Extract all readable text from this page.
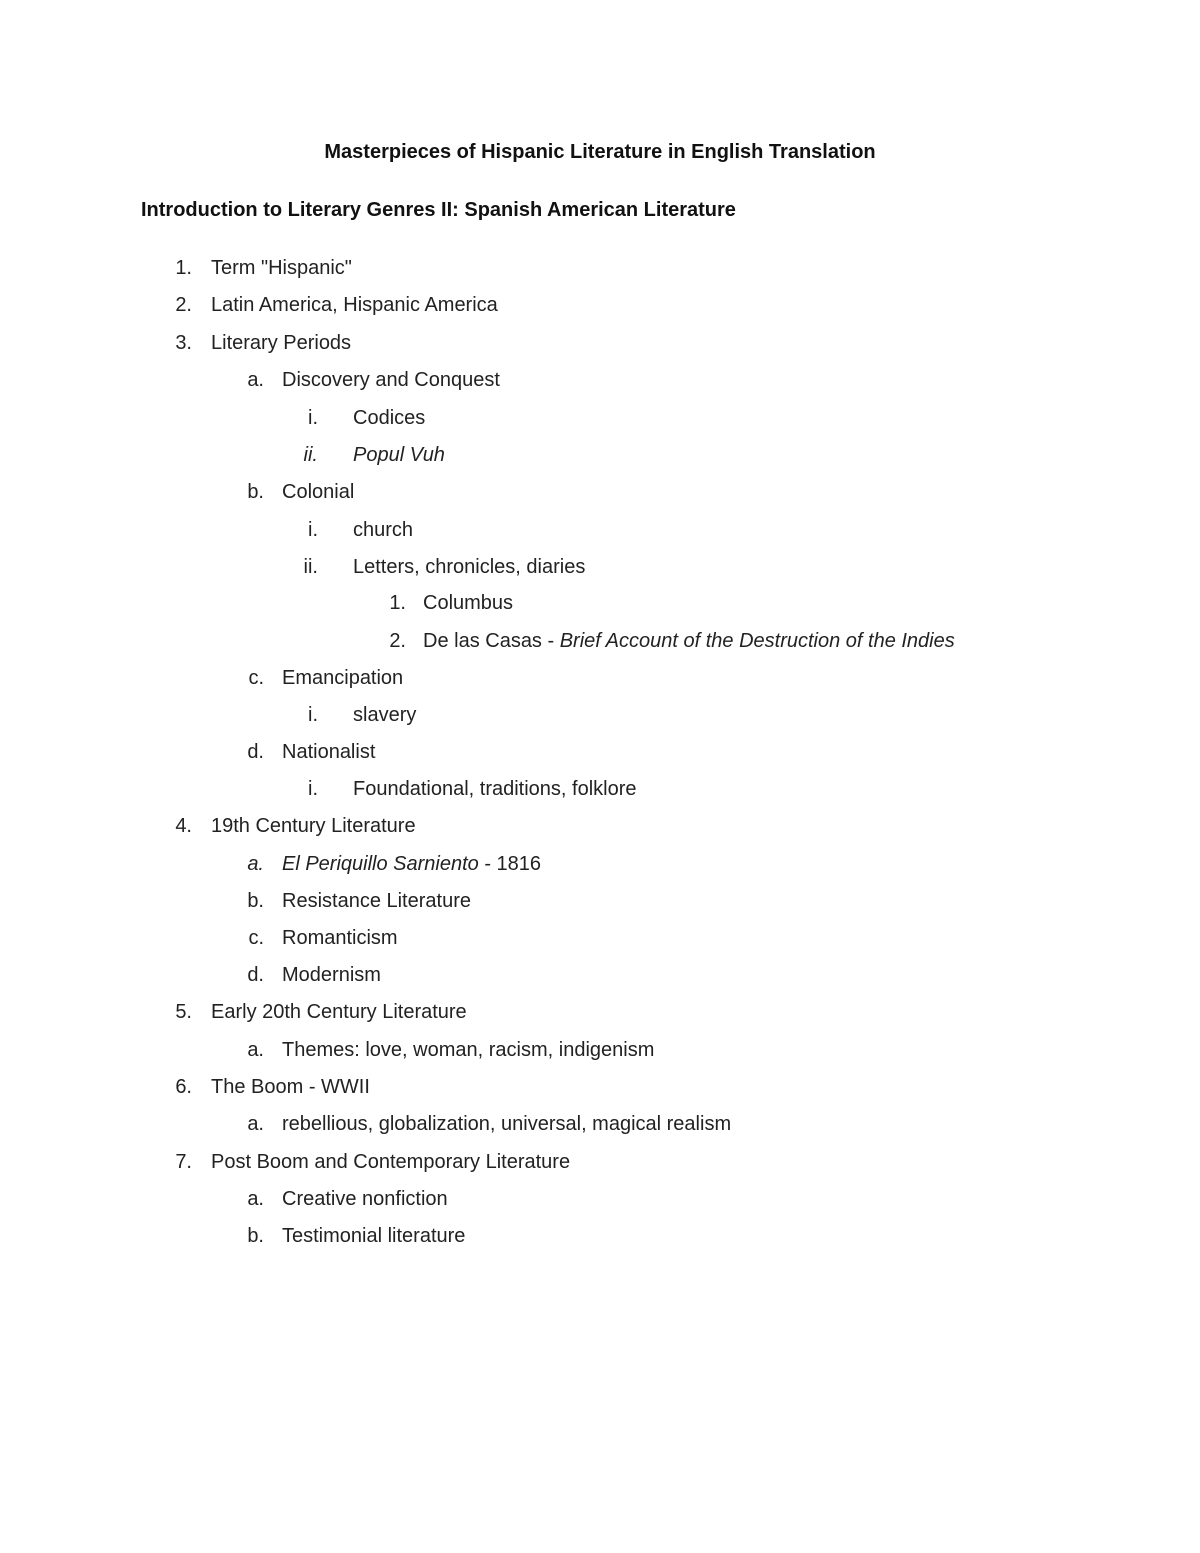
Masterpieces of Hispanic Literature in English Translation
Introduction to Literary Genres II: Spanish American Literature
1. Term "Hispanic"
2. Latin America, Hispanic America
3. Literary Periods
a. Discovery and Conquest
i. Codices
ii. Popul Vuh
b. Colonial
i. church
ii. Letters, chronicles, diaries
1. Columbus
2. De las Casas - Brief Account of the Destruction of the Indies
c. Emancipation
i. slavery
d. Nationalist
i. Foundational, traditions, folklore
4. 19th Century Literature
a. El Periquillo Sarniento - 1816
b. Resistance Literature
c. Romanticism
d. Modernism
5. Early 20th Century Literature
a. Themes: love, woman, racism, indigenism
6. The Boom - WWII
a. rebellious, globalization, universal, magical realism
7. Post Boom and Contemporary Literature
a. Creative nonfiction
b. Testimonial literature
